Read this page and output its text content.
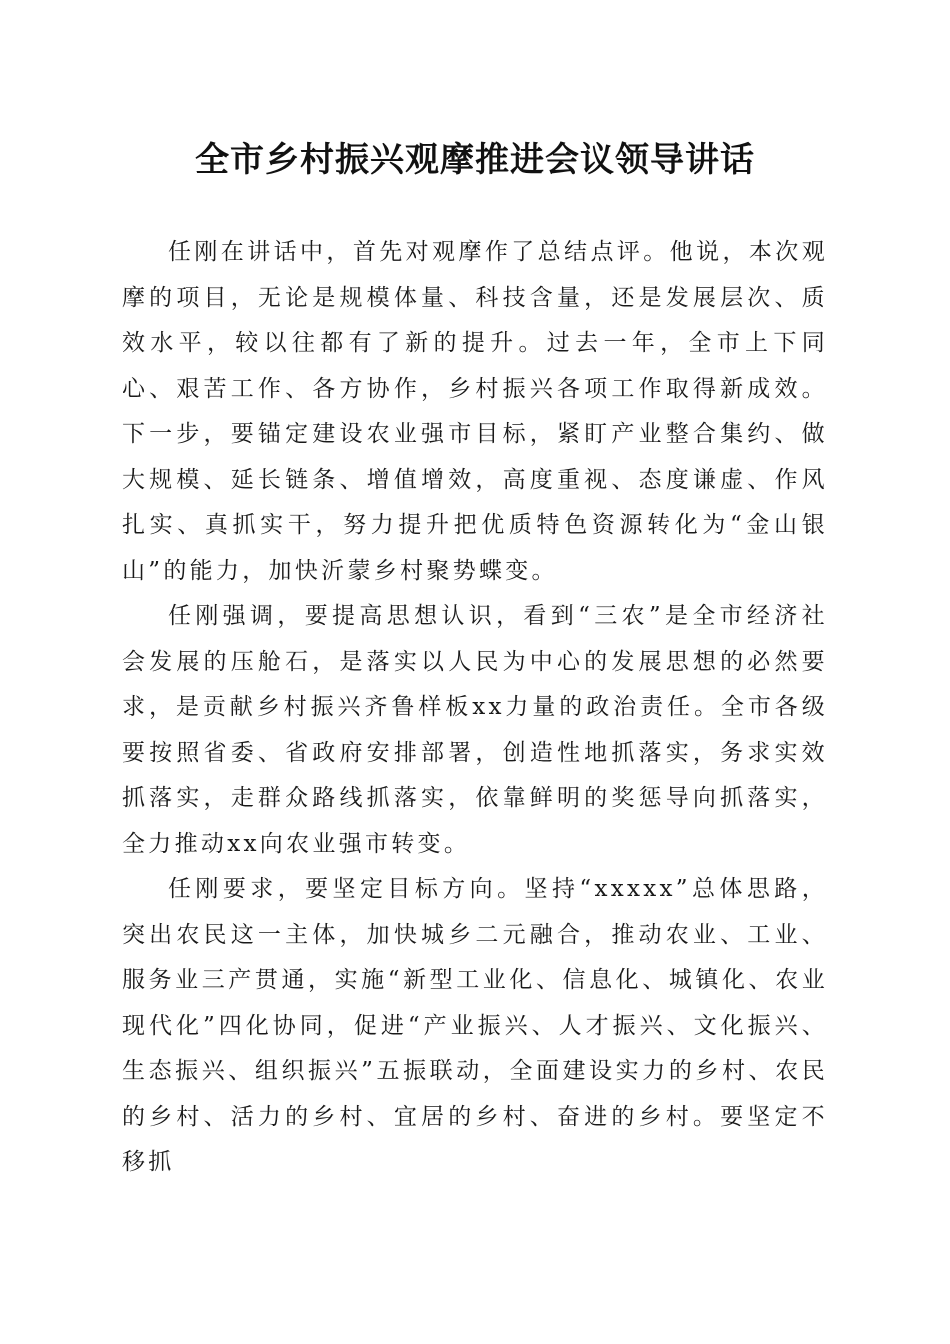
全市乡村振兴观摩推进会议领导讲话

任刚在讲话中，首先对观摩作了总结点评。他说，本次观摩的项目，无论是规模体量、科技含量，还是发展层次、质效水平，较以往都有了新的提升。过去一年，全市上下同心、艰苦工作、各方协作，乡村振兴各项工作取得新成效。下一步，要锚定建设农业强市目标，紧盯产业整合集约、做大规模、延长链条、增值增效，高度重视、态度谦虚、作风扎实、真抓实干，努力提升把优质特色资源转化为“金山银山”的能力，加快沂蒙乡村聚势蝶变。

任刚强调，要提高思想认识，看到“三农”是全市经济社会发展的压舱石，是落实以人民为中心的发展思想的必然要求，是贡献乡村振兴齐鲁样板xx力量的政治责任。全市各级要按照省委、省政府安排部署，创造性地抓落实，务求实效抓落实，走群众路线抓落实，依靠鲜明的奖惩导向抓落实，全力推动xx向农业强市转变。

任刚要求，要坚定目标方向。坚持“xxxxx”总体思路，突出农民这一主体，加快城乡二元融合，推动农业、工业、服务业三产贯通，实施“新型工业化、信息化、城镇化、农业现代化”四化协同，促进“产业振兴、人才振兴、文化振兴、生态振兴、组织振兴”五振联动，全面建设实力的乡村、农民的乡村、活力的乡村、宜居的乡村、奋进的乡村。要坚定不移抓
